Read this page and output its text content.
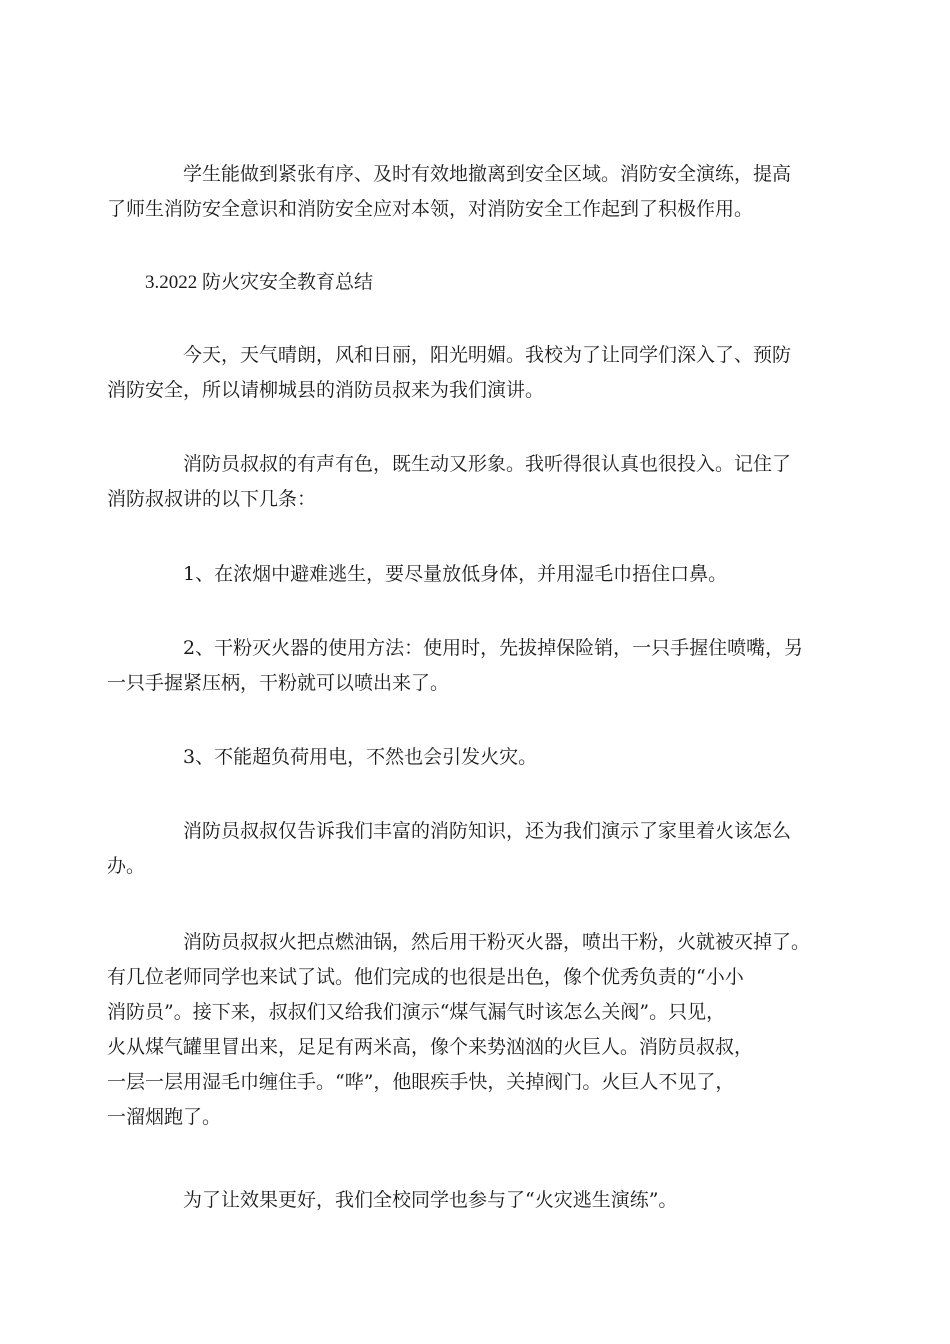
学生能做到紧张有序、及时有效地撤离到安全区域。消防安全演练，提高
了师生消防安全意识和消防安全应对本领，对消防安全工作起到了积极作用。
3.2022 防火灾安全教育总结
今天，天气晴朗，风和日丽，阳光明媚。我校为了让同学们深入了、预防
消防安全，所以请柳城县的消防员叔来为我们演讲。
消防员叔叔的有声有色，既生动又形象。我听得很认真也很投入。记住了
消防叔叔讲的以下几条：
1、在浓烟中避难逃生，要尽量放低身体，并用湿毛巾捂住口鼻。
2、干粉灭火器的使用方法：使用时，先拔掉保险销，一只手握住喷嘴，另
一只手握紧压柄，干粉就可以喷出来了。
3、不能超负荷用电，不然也会引发火灾。
消防员叔叔仅告诉我们丰富的消防知识，还为我们演示了家里着火该怎么
办。
消防员叔叔火把点燃油锅，然后用干粉灭火器，喷出干粉，火就被灭掉了。
有几位老师同学也来试了试。他们完成的也很是出色，像个优秀负责的“小小
消防员”。接下来，叔叔们又给我们演示“煤气漏气时该怎么关阀”。只见，
火从煤气罐里冒出来，足足有两米高，像个来势汹汹的火巨人。消防员叔叔，
一层一层用湿毛巾缠住手。“哗”，他眼疾手快，关掉阀门。火巨人不见了，
一溜烟跑了。
为了让效果更好，我们全校同学也参与了“火灾逃生演练”。
